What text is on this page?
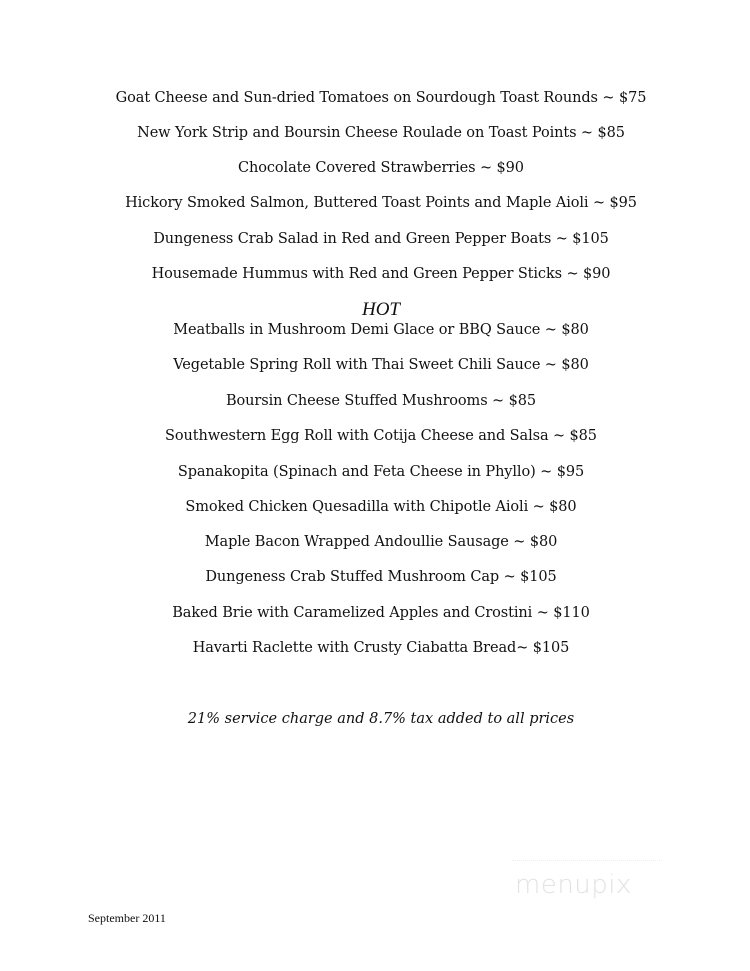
Goat Cheese and Sun-dried Tomatoes on Sourdough Toast Rounds ~ $75
New York Strip and Boursin Cheese Roulade on Toast Points ~ $85
Chocolate Covered Strawberries ~ $90
Hickory Smoked Salmon, Buttered Toast Points and Maple Aioli ~ $95
Dungeness Crab Salad in Red and Green Pepper Boats ~ $105
Housemade Hummus with Red and Green Pepper Sticks ~ $90
HOT
Meatballs in Mushroom Demi Glace or BBQ Sauce ~ $80
Vegetable Spring Roll with Thai Sweet Chili Sauce ~ $80
Boursin Cheese Stuffed Mushrooms ~ $85
Southwestern Egg Roll with Cotija Cheese and Salsa ~ $85
Spanakopita (Spinach and Feta Cheese in Phyllo) ~ $95
Smoked Chicken Quesadilla with Chipotle Aioli ~ $80
Maple Bacon Wrapped Andoullie Sausage ~ $80
Dungeness Crab Stuffed Mushroom Cap ~ $105
Baked Brie with Caramelized Apples and Crostini ~ $110
Havarti Raclette with Crusty Ciabatta Bread~ $105
21% service charge and 8.7% tax added to all prices
menupix
September 2011
